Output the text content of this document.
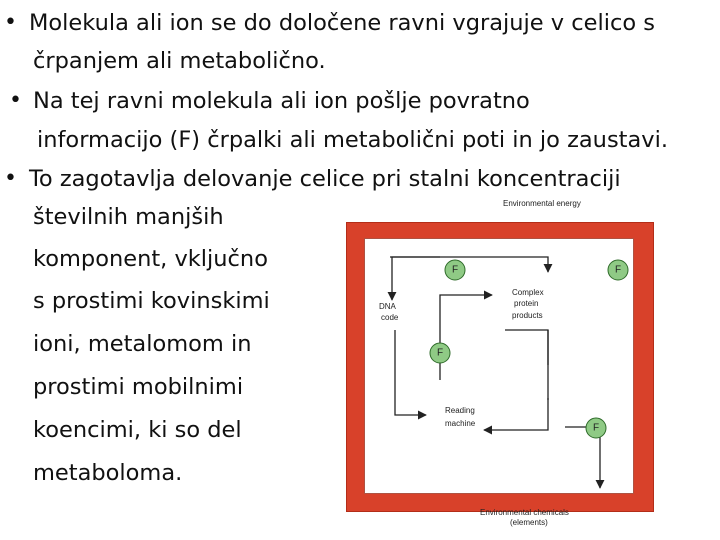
•
•
•
Molekula ali ion se do določene ravni vgrajuje v celico s
črpanjem ali metabolično.
Na tej ravni molekula ali ion pošlje povratno
informacijo (F) črpalki ali metabolični poti in jo zaustavi.
To zagotavlja delovanje celice pri stalni koncentraciji
številnih manjših
komponent, vključno
s prostimi kovinskimi
ioni, metalomom in
prostimi mobilnimi
koencimi, ki so del
metaboloma.
Environmental energy
Environmental chemicals
(elements)
DNA
code
Complex
protein
products
Reading
machine
F	F
F
F
